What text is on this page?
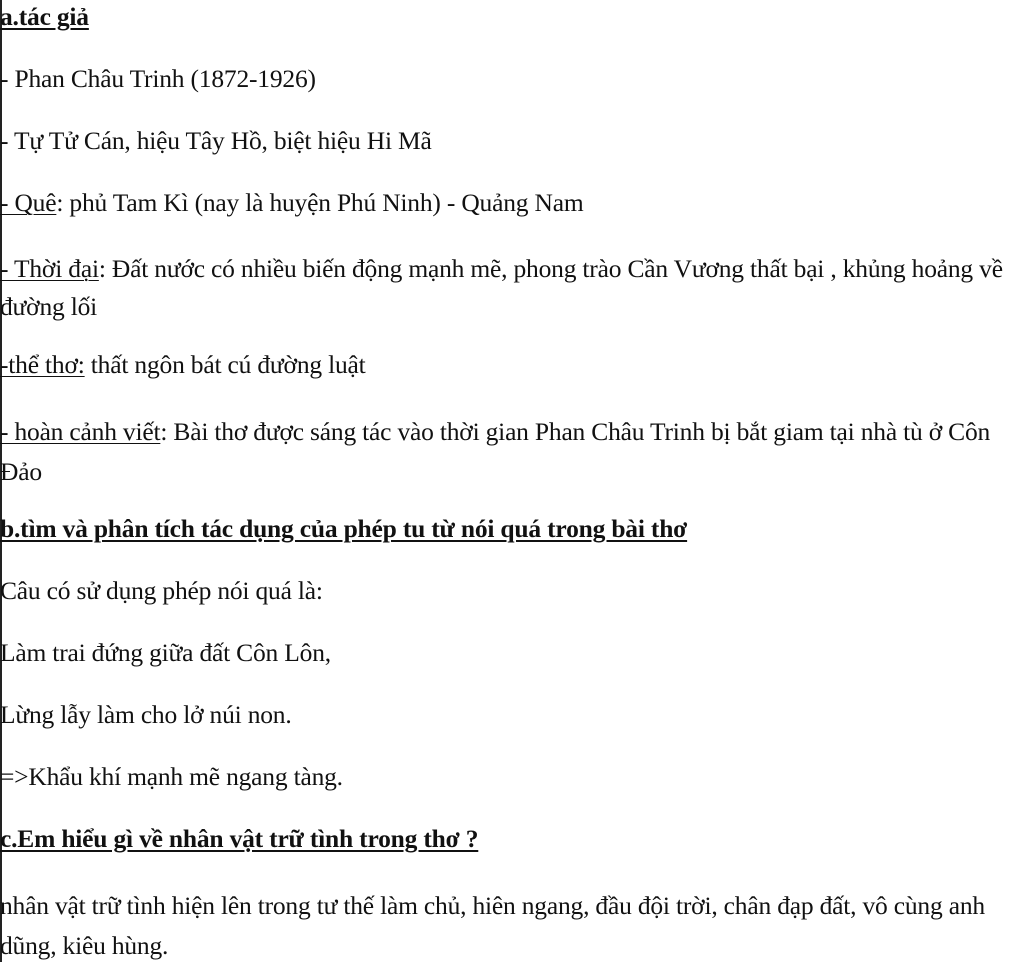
a.tác giả
- Phan Châu Trinh (1872-1926)
- Tự Tử Cán, hiệu Tây Hồ, biệt hiệu Hi Mã
- Quê: phủ Tam Kì (nay là huyện Phú Ninh) - Quảng Nam
- Thời đại: Đất nước có nhiều biến động mạnh mẽ, phong trào Cần Vương thất bại , khủng hoảng về đường lối
-thể thơ: thất ngôn bát cú đường luật
- hoàn cảnh viết: Bài thơ được sáng tác vào thời gian Phan Châu Trinh bị bắt giam tại nhà tù ở Côn Đảo
b.tìm và phân tích tác dụng của phép tu từ nói quá trong bài thơ
Câu có sử dụng phép nói quá là:
Làm trai đứng giữa đất Côn Lôn,
Lừng lẫy làm cho lở núi non.
=>Khẩu khí mạnh mẽ ngang tàng.
c.Em hiểu gì về nhân vật trữ tình trong thơ ?
nhân vật trữ tình hiện lên trong tư thế làm chủ, hiên ngang, đầu đội trời, chân đạp đất, vô cùng anh dũng, kiêu hùng.
